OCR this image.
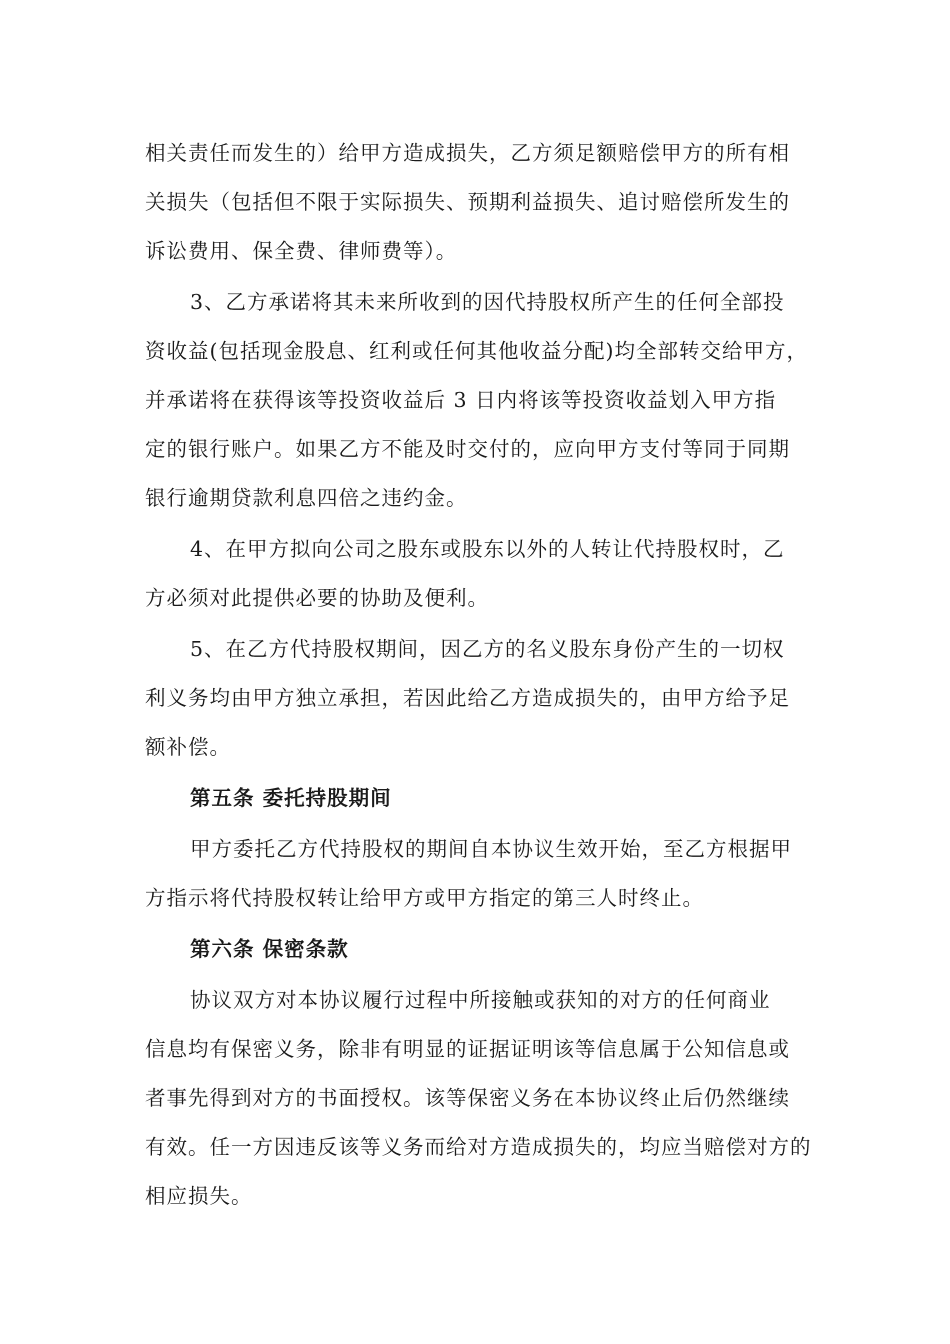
相关责任而发生的）给甲方造成损失，乙方须足额赔偿甲方的所有相

关损失（包括但不限于实际损失、预期利益损失、追讨赔偿所发生的

诉讼费用、保全费、律师费等）。

3、乙方承诺将其未来所收到的因代持股权所产生的任何全部投

资收益(包括现金股息、红利或任何其他收益分配)均全部转交给甲方，

并承诺将在获得该等投资收益后 3 日内将该等投资收益划入甲方指

定的银行账户。如果乙方不能及时交付的，应向甲方支付等同于同期

银行逾期贷款利息四倍之违约金。

4、在甲方拟向公司之股东或股东以外的人转让代持股权时，乙

方必须对此提供必要的协助及便利。

5、在乙方代持股权期间，因乙方的名义股东身份产生的一切权

利义务均由甲方独立承担，若因此给乙方造成损失的，由甲方给予足

额补偿。

第五条 委托持股期间

甲方委托乙方代持股权的期间自本协议生效开始，至乙方根据甲

方指示将代持股权转让给甲方或甲方指定的第三人时终止。

第六条 保密条款

协议双方对本协议履行过程中所接触或获知的对方的任何商业

信息均有保密义务，除非有明显的证据证明该等信息属于公知信息或

者事先得到对方的书面授权。该等保密义务在本协议终止后仍然继续

有效。任一方因违反该等义务而给对方造成损失的，均应当赔偿对方的

相应损失。
